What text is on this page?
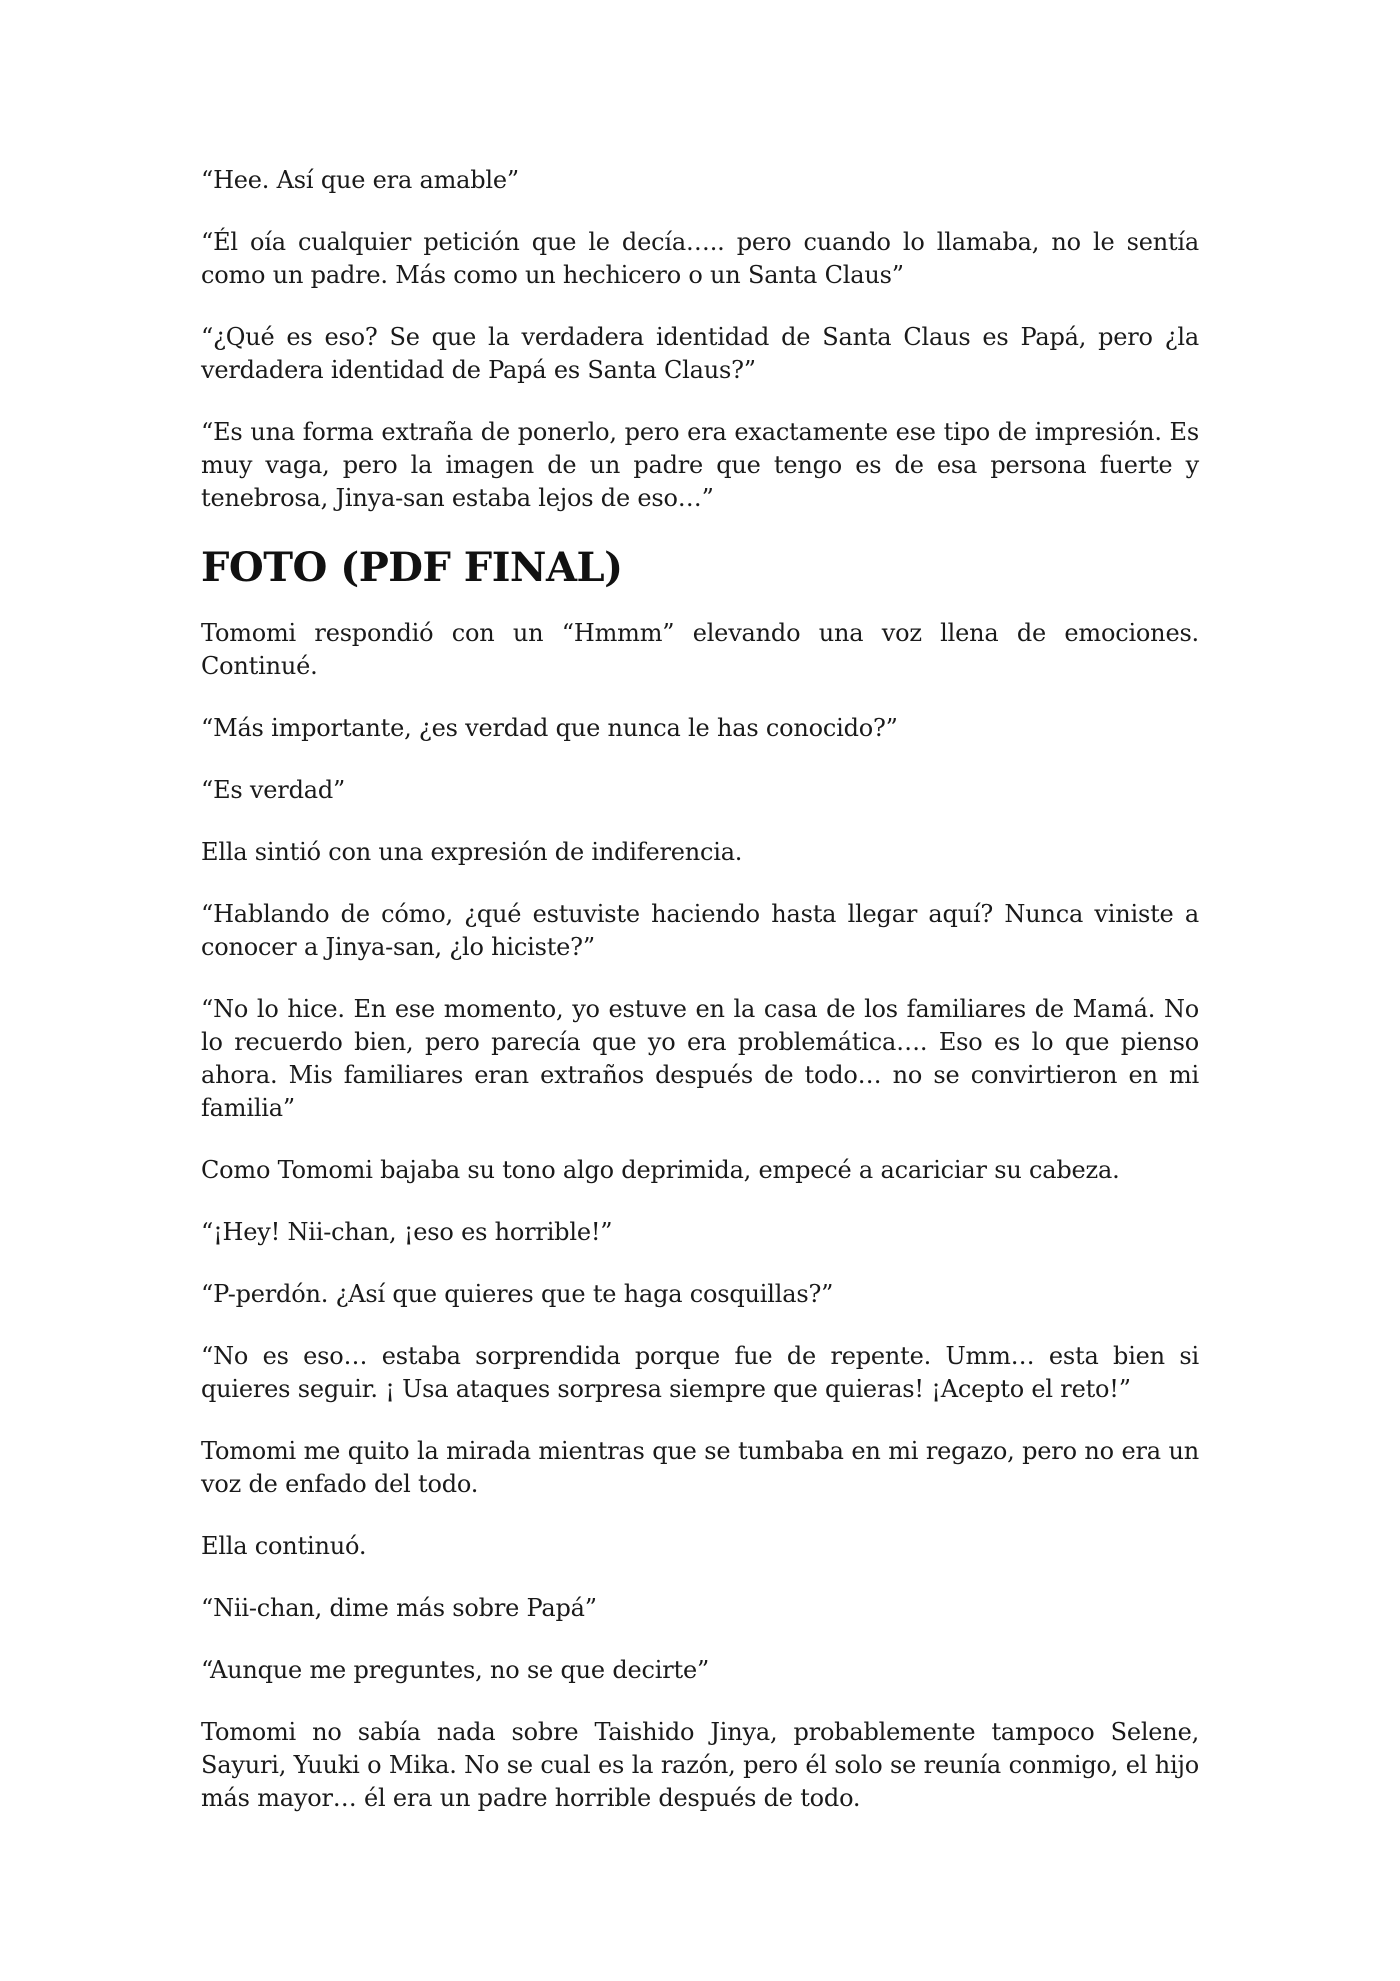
“Hee. Así que era amable”

“Él oía cualquier petición que le decía….. pero cuando lo llamaba, no le sentía como un padre. Más como un hechicero o un Santa Claus”

“¿Qué es eso? Se que la verdadera identidad de Santa Claus es Papá, pero ¿la verdadera identidad de Papá es Santa Claus?”

“Es una forma extraña de ponerlo, pero era exactamente ese tipo de impresión. Es muy vaga, pero la imagen de un padre que tengo es de esa persona fuerte y tenebrosa, Jinya-san estaba lejos de eso…”

FOTO (PDF FINAL)

Tomomi respondió con un “Hmmm” elevando una voz llena de emociones. Continué.

“Más importante, ¿es verdad que nunca le has conocido?”

“Es verdad”

Ella sintió con una expresión de indiferencia.

“Hablando de cómo, ¿qué estuviste haciendo hasta llegar aquí? Nunca viniste a conocer a Jinya-san, ¿lo hiciste?”

“No lo hice. En ese momento, yo estuve en la casa de los familiares de Mamá. No lo recuerdo bien, pero parecía que yo era problemática…. Eso es lo que pienso ahora. Mis familiares eran extraños después de todo… no se convirtieron en mi familia”

Como Tomomi bajaba su tono algo deprimida, empecé a acariciar su cabeza.

“¡Hey! Nii-chan, ¡eso es horrible!”

“P-perdón. ¿Así que quieres que te haga cosquillas?”

“No es eso… estaba sorprendida porque fue de repente. Umm… esta bien si quieres seguir. ¡ Usa ataques sorpresa siempre que quieras! ¡Acepto el reto!”

Tomomi me quito la mirada mientras que se tumbaba en mi regazo, pero no era un voz de enfado del todo.

Ella continuó.

“Nii-chan, dime más sobre Papá”

“Aunque me preguntes, no se que decirte”

Tomomi no sabía nada sobre Taishido Jinya, probablemente tampoco Selene, Sayuri, Yuuki o Mika. No se cual es la razón, pero él solo se reunía conmigo, el hijo más mayor… él era un padre horrible después de todo.
